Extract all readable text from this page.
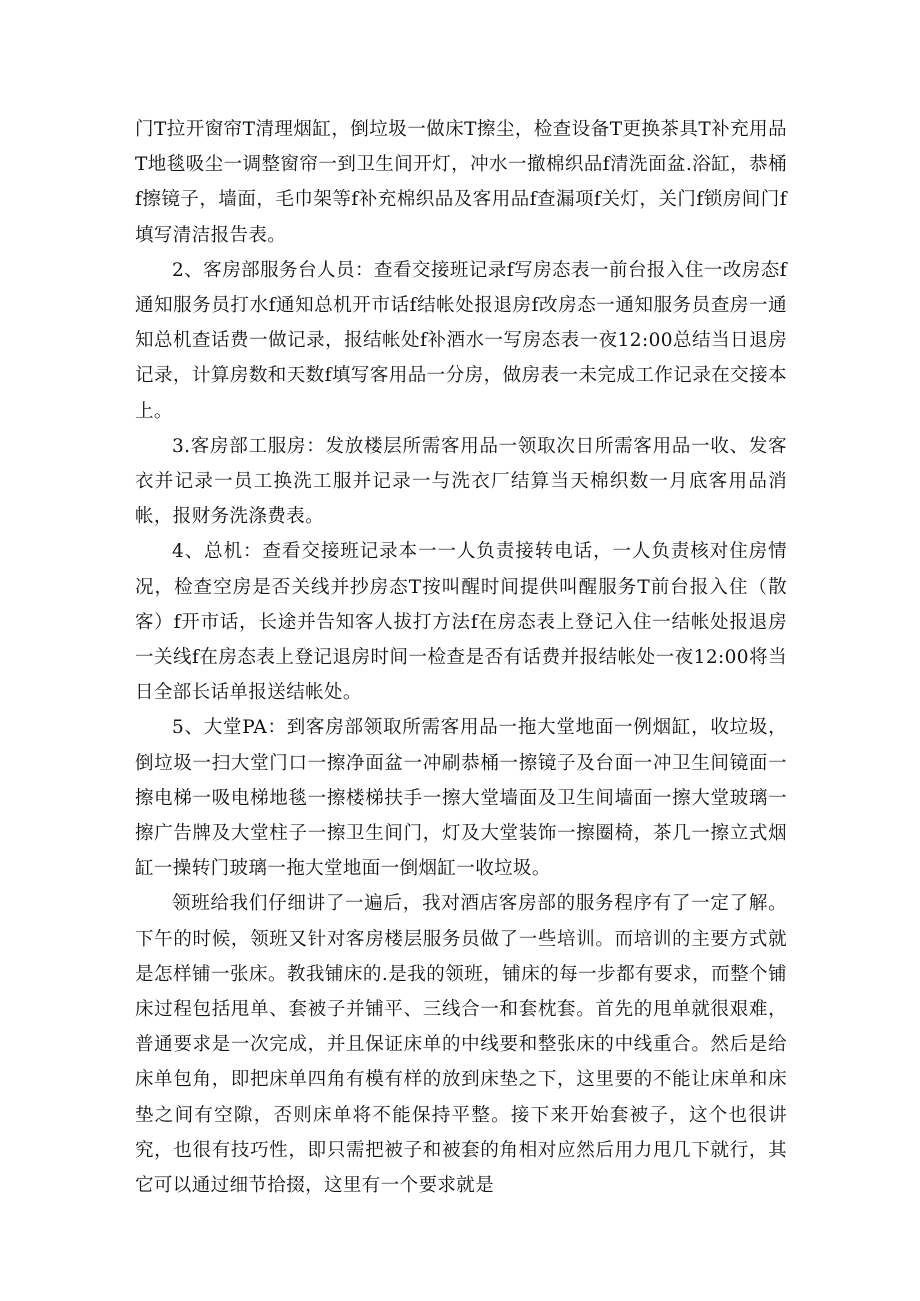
门T拉开窗帘T清理烟缸，倒垃圾一做床T擦尘，检查设备T更换茶具T补充用品T地毯吸尘一调整窗帘一到卫生间开灯，冲水一撤棉织品f清洗面盆.浴缸，恭桶f擦镜子，墙面，毛巾架等f补充棉织品及客用品f查漏项f关灯，关门f锁房间门f填写清洁报告表。

2、客房部服务台人员：查看交接班记录f写房态表一前台报入住一改房态f通知服务员打水f通知总机开市话f结帐处报退房f改房态一通知服务员查房一通知总机查话费一做记录，报结帐处f补酒水一写房态表一夜12:00总结当日退房记录，计算房数和天数f填写客用品一分房，做房表一未完成工作记录在交接本上。

3.客房部工服房：发放楼层所需客用品一领取次日所需客用品一收、发客衣并记录一员工换洗工服并记录一与洗衣厂结算当天棉织数一月底客用品消帐，报财务洗涤费表。

4、总机：查看交接班记录本一一人负责接转电话，一人负责核对住房情况，检查空房是否关线并抄房态T按叫醒时间提供叫醒服务T前台报入住（散客）f开市话，长途并告知客人拔打方法f在房态表上登记入住一结帐处报退房一关线f在房态表上登记退房时间一检查是否有话费并报结帐处一夜12:00将当日全部长话单报送结帐处。

5、大堂PA：到客房部领取所需客用品一拖大堂地面一例烟缸，收垃圾，倒垃圾一扫大堂门口一擦净面盆一冲刷恭桶一擦镜子及台面一冲卫生间镜面一擦电梯一吸电梯地毯一擦楼梯扶手一擦大堂墙面及卫生间墙面一擦大堂玻璃一擦广告牌及大堂柱子一擦卫生间门，灯及大堂装饰一擦圈椅，茶几一擦立式烟缸一操转门玻璃一拖大堂地面一倒烟缸一收垃圾。

领班给我们仔细讲了一遍后，我对酒店客房部的服务程序有了一定了解。下午的时候，领班又针对客房楼层服务员做了一些培训。而培训的主要方式就是怎样铺一张床。教我铺床的.是我的领班，铺床的每一步都有要求，而整个铺床过程包括甩单、套被子并铺平、三线合一和套枕套。首先的甩单就很艰难，普通要求是一次完成，并且保证床单的中线要和整张床的中线重合。然后是给床单包角，即把床单四角有模有样的放到床垫之下，这里要的不能让床单和床垫之间有空隙，否则床单将不能保持平整。接下来开始套被子，这个也很讲究，也很有技巧性，即只需把被子和被套的角相对应然后用力甩几下就行，其它可以通过细节拾掇，这里有一个要求就是
